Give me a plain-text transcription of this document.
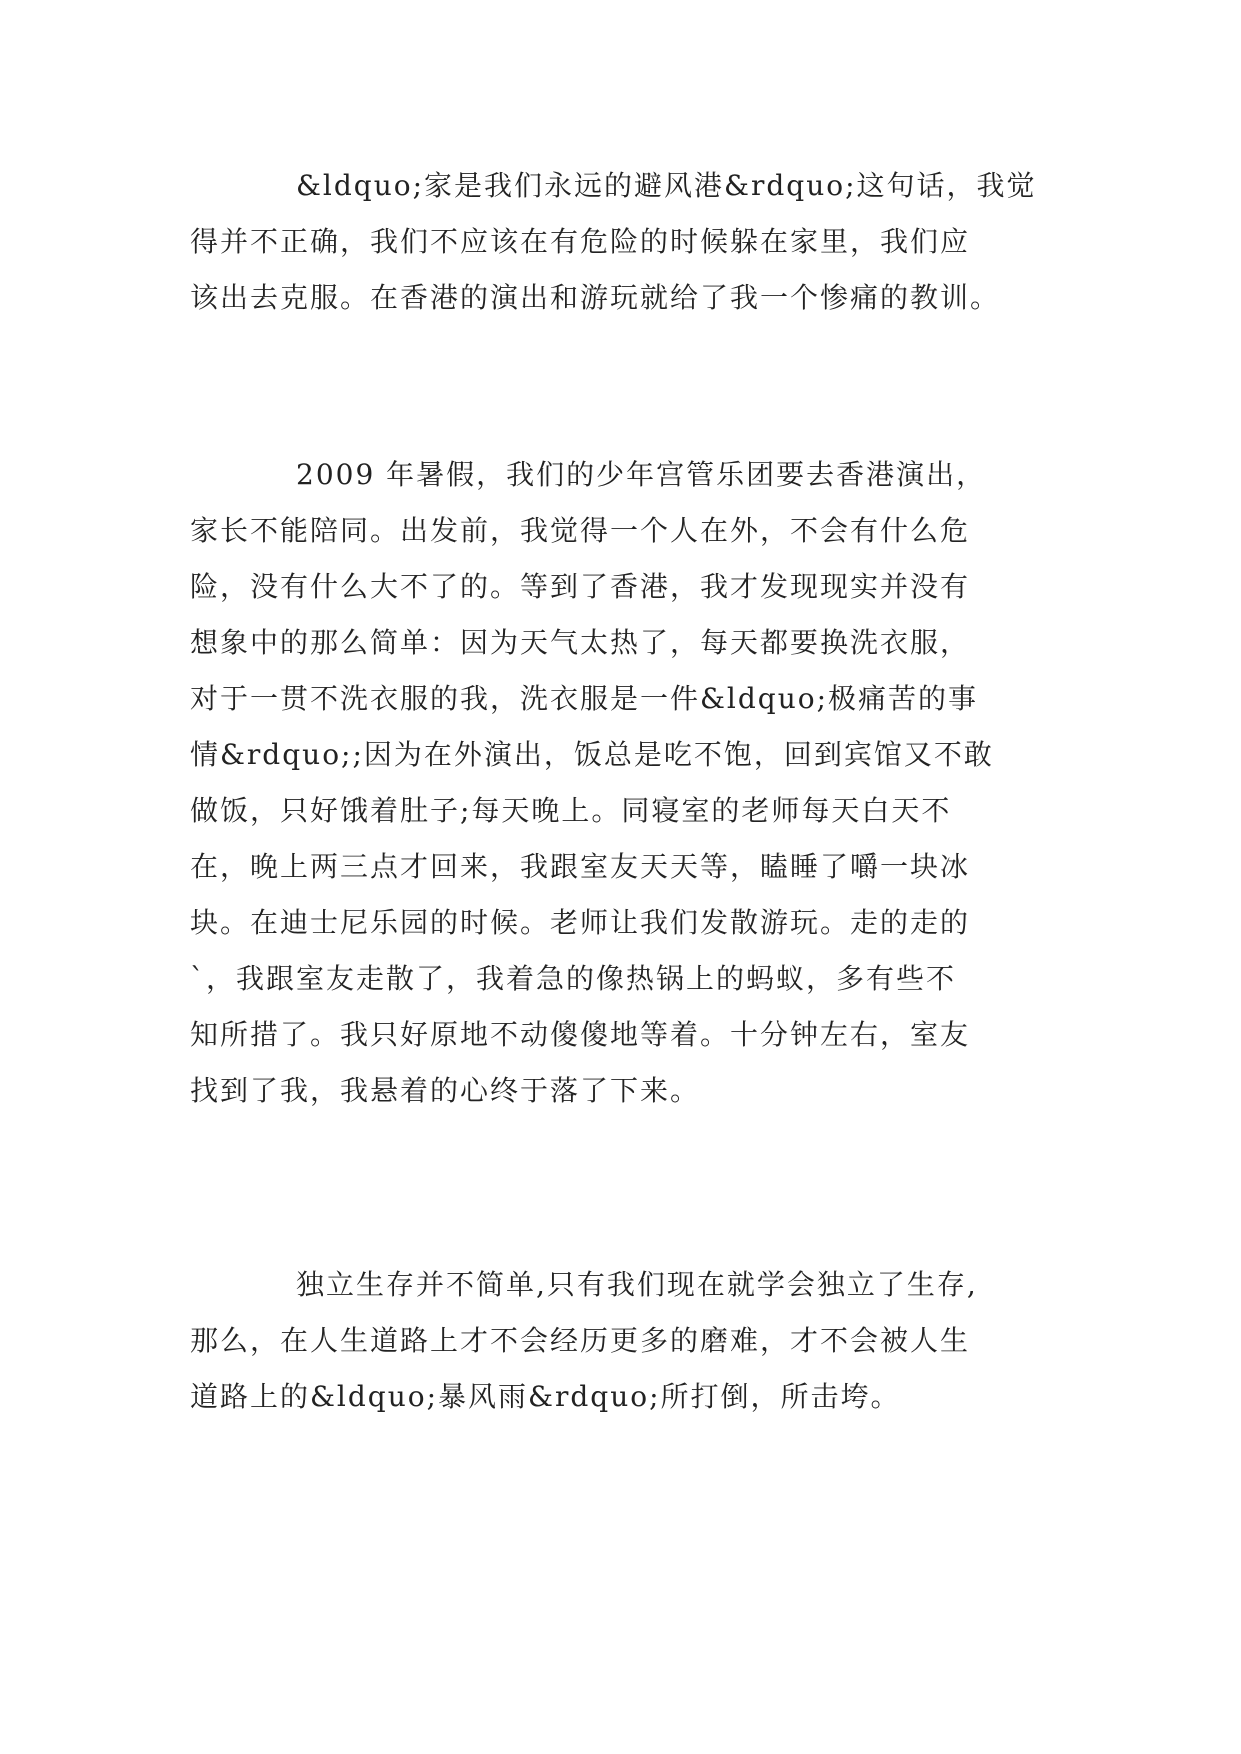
&ldquo;家是我们永远的避风港&rdquo;这句话，我觉
得并不正确，我们不应该在有危险的时候躲在家里，我们应
该出去克服。在香港的演出和游玩就给了我一个惨痛的教训。

2009 年暑假，我们的少年宫管乐团要去香港演出，
家长不能陪同。出发前，我觉得一个人在外，不会有什么危
险，没有什么大不了的。等到了香港，我才发现现实并没有
想象中的那么简单：因为天气太热了，每天都要换洗衣服，
对于一贯不洗衣服的我，洗衣服是一件&ldquo;极痛苦的事
情&rdquo;;因为在外演出，饭总是吃不饱，回到宾馆又不敢
做饭，只好饿着肚子;每天晚上。同寝室的老师每天白天不
在，晚上两三点才回来，我跟室友天天等，瞌睡了嚼一块冰
块。在迪士尼乐园的时候。老师让我们发散游玩。走的走的
`，我跟室友走散了，我着急的像热锅上的蚂蚁，多有些不
知所措了。我只好原地不动傻傻地等着。十分钟左右，室友
找到了我，我悬着的心终于落了下来。

独立生存并不简单,只有我们现在就学会独立了生存,
那么，在人生道路上才不会经历更多的磨难，才不会被人生
道路上的&ldquo;暴风雨&rdquo;所打倒，所击垮。
